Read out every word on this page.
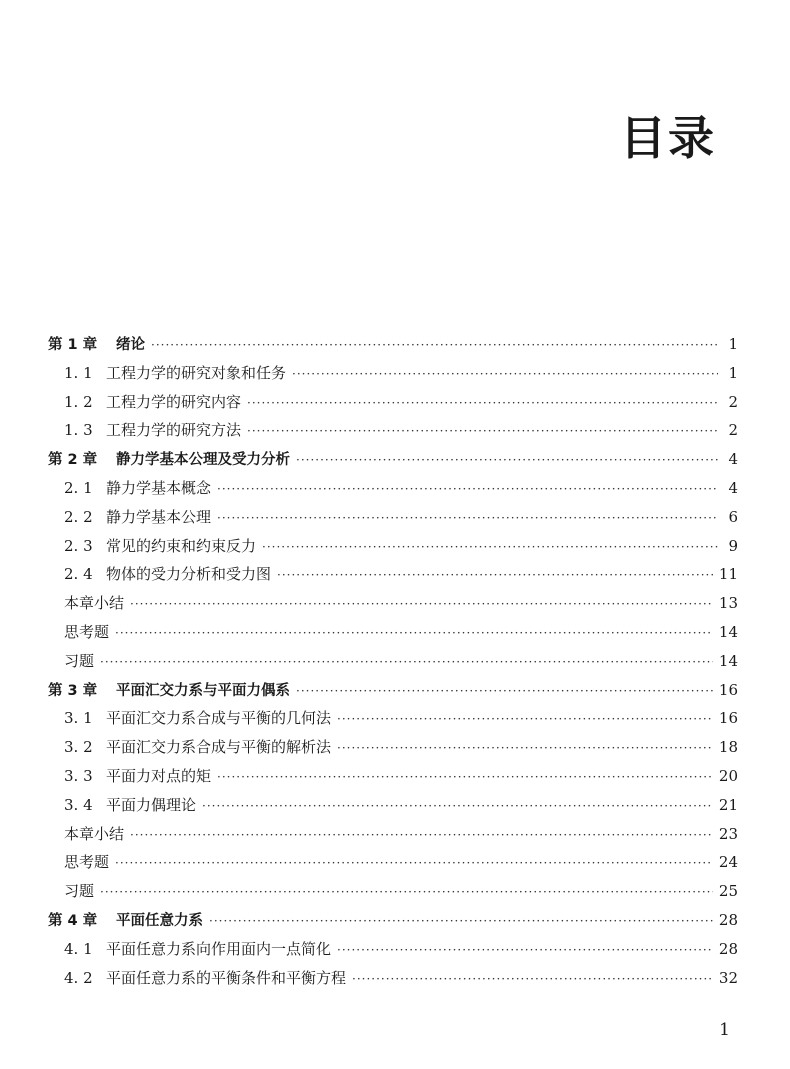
目录
第 1 章	绪论 ·····	1
1. 1 工程力学的研究对象和任务 ·····	1
1. 2 工程力学的研究内容 ·····	2
1. 3 工程力学的研究方法 ·····	2
第 2 章	静力学基本公理及受力分析 ·····	4
2. 1 静力学基本概念 ·····	4
2. 2 静力学基本公理 ·····	6
2. 3 常见的约束和约束反力 ·····	9
2. 4 物体的受力分析和受力图 ·····	11
本章小结 ·····	13
思考题 ·····	14
习题 ·····	14
第 3 章	平面汇交力系与平面力偶系 ·····	16
3. 1 平面汇交力系合成与平衡的几何法 ·····	16
3. 2 平面汇交力系合成与平衡的解析法 ·····	18
3. 3 平面力对点的矩 ·····	20
3. 4 平面力偶理论 ·····	21
本章小结 ·····	23
思考题 ·····	24
习题 ·····	25
第 4 章	平面任意力系 ·····	28
4. 1 平面任意力系向作用面内一点简化 ·····	28
4. 2 平面任意力系的平衡条件和平衡方程 ·····	32
1
